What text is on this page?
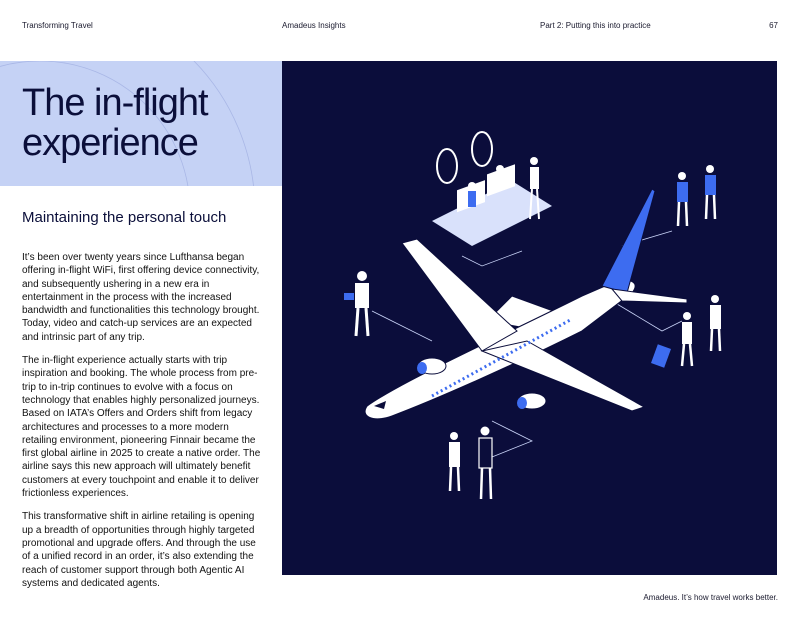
Transforming Travel	Amadeus Insights	Part 2: Putting this into practice	67
The in-flight
experience
Maintaining the personal touch

It’s been over twenty years since Lufthansa began offering in-flight WiFi, first offering device connectivity, and subsequently ushering in a new era in entertainment in the process with the increased bandwidth and functionalities this technology brought. Today, video and catch-up services are an expected and intrinsic part of any trip.

The in-flight experience actually starts with trip inspiration and booking. The whole process from pre-trip to in-trip continues to evolve with a focus on technology that enables highly personalized journeys. Based on IATA’s Offers and Orders shift from legacy architectures and processes to a more modern retailing environment, pioneering Finnair became the first global airline in 2025 to create a native order. The airline says this new approach will ultimately benefit customers at every touchpoint and enable it to deliver frictionless experiences.

This transformative shift in airline retailing is opening up a breadth of opportunities through highly targeted promotional and upgrade offers. And through the use of a unified record in an order, it’s also extending the reach of customer support through both Agentic AI systems and dedicated agents.

Amadeus. It’s how travel works better.
